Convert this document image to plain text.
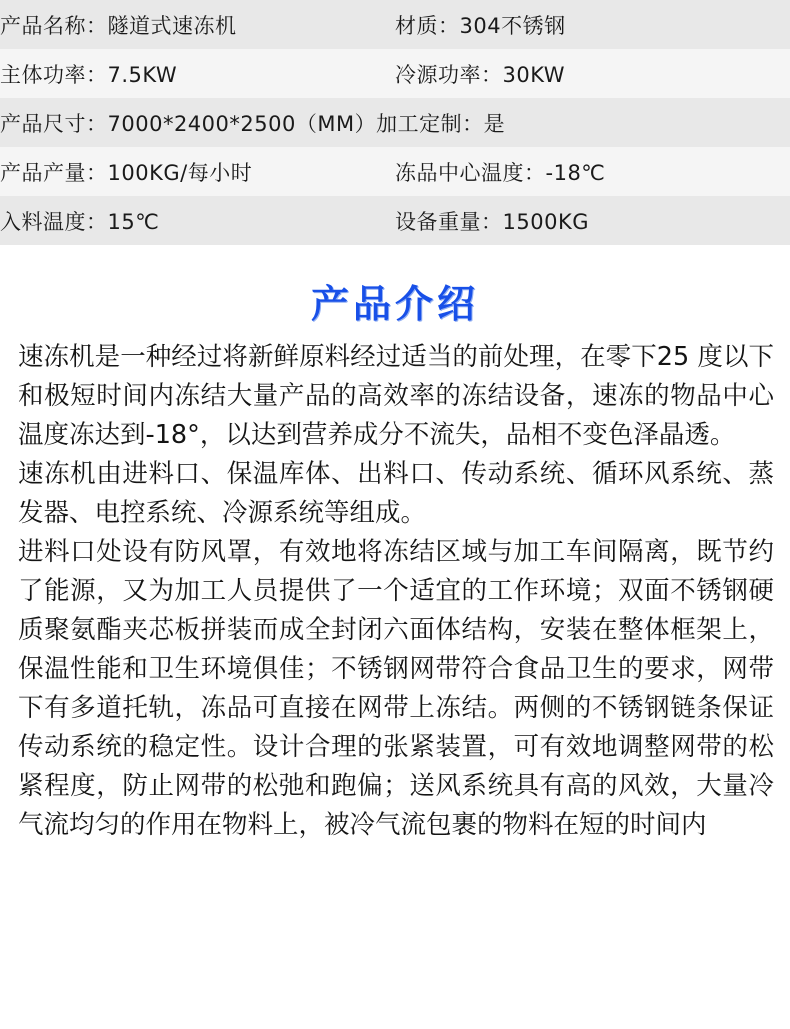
产品名称：隧道式速冻机	材质：304不锈钢
主体功率：7.5KW	冷源功率：30KW
产品尺寸：7000*2400*2500（MM）加工定制：是	
产品产量：100KG/每小时	冻品中心温度：-18℃
入料温度：15℃	设备重量：1500KG
产品介绍

速冻机是一种经过将新鲜原料经过适当的前处理，在零下25 度以下和极短时间内冻结大量产品的高效率的冻结设备，速冻的物品中心温度冻达到-18°，以达到营养成分不流失，品相不变色泽晶透。

速冻机由进料口、保温库体、出料口、传动系统、循环风系统、蒸发器、电控系统、冷源系统等组成。

进料口处设有防风罩，有效地将冻结区域与加工车间隔离，既节约了能源，又为加工人员提供了一个适宜的工作环境；双面不锈钢硬质聚氨酯夹芯板拼装而成全封闭六面体结构，安装在整体框架上，保温性能和卫生环境俱佳；不锈钢网带符合食品卫生的要求，网带下有多道托轨，冻品可直接在网带上冻结。两侧的不锈钢链条保证传动系统的稳定性。设计合理的张紧装置，可有效地调整网带的松紧程度，防止网带的松弛和跑偏；送风系统具有高的风效，大量冷气流均匀的作用在物料上，被冷气流包裹的物料在短的时间内
